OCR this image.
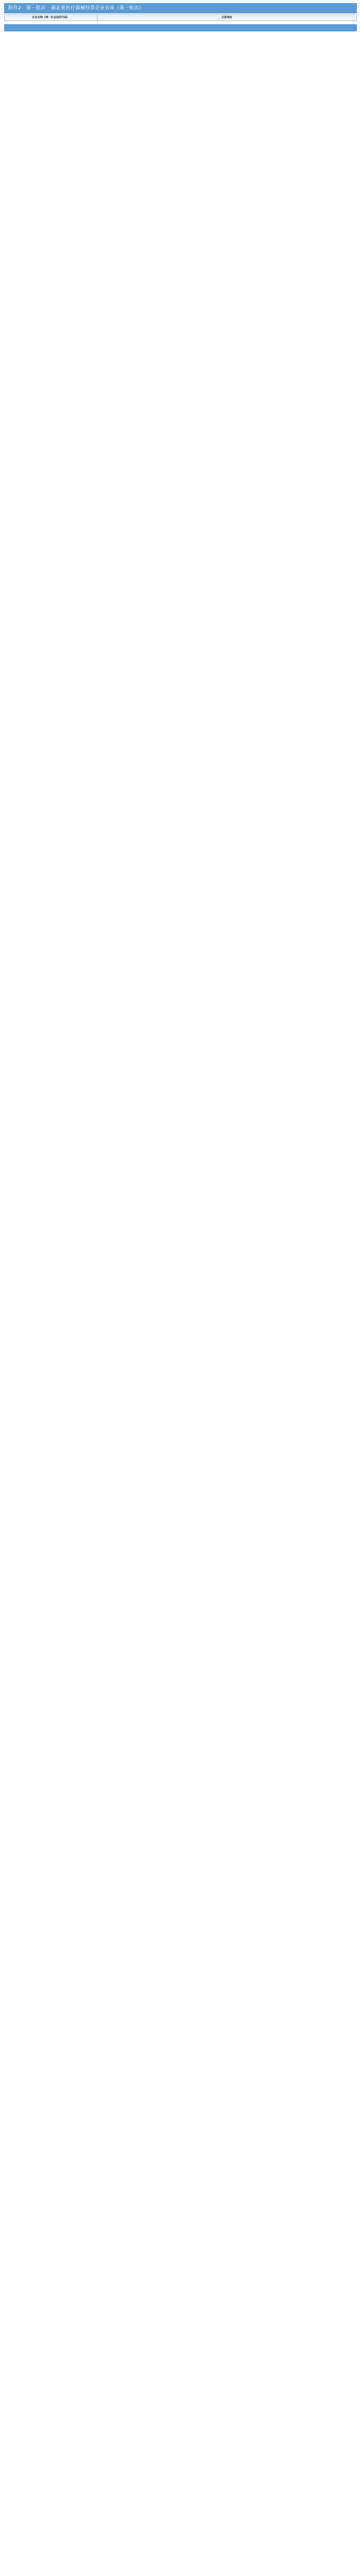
附件2：第一批次 · 湖北省医疗器械经营企业名单（第一批次）
企业名称（统一社会信用代码）	注册地址
